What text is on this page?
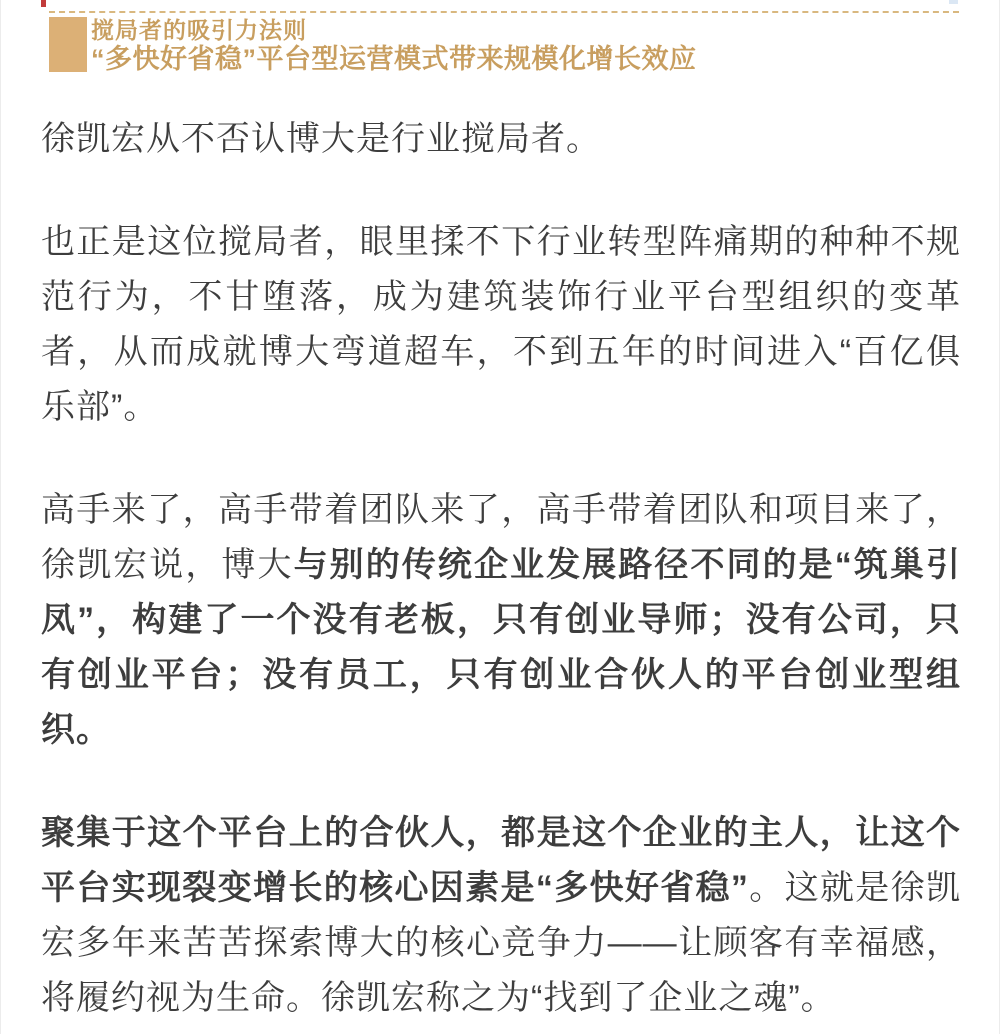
搅局者的吸引力法则
“多快好省稳”平台型运营模式带来规模化增长效应

徐凯宏从不否认博大是行业搅局者。

也正是这位搅局者，眼里揉不下行业转型阵痛期的种种不规范行为，不甘堕落，成为建筑装饰行业平台型组织的变革者，从而成就博大弯道超车，不到五年的时间进入“百亿俱乐部”。

高手来了，高手带着团队来了，高手带着团队和项目来了，徐凯宏说，博大与别的传统企业发展路径不同的是“筑巢引凤”，构建了一个没有老板，只有创业导师；没有公司，只有创业平台；没有员工，只有创业合伙人的平台创业型组织。

聚集于这个平台上的合伙人，都是这个企业的主人，让这个平台实现裂变增长的核心因素是“多快好省稳”。这就是徐凯宏多年来苦苦探索博大的核心竞争力——让顾客有幸福感，将履约视为生命。徐凯宏称之为“找到了企业之魂”。
